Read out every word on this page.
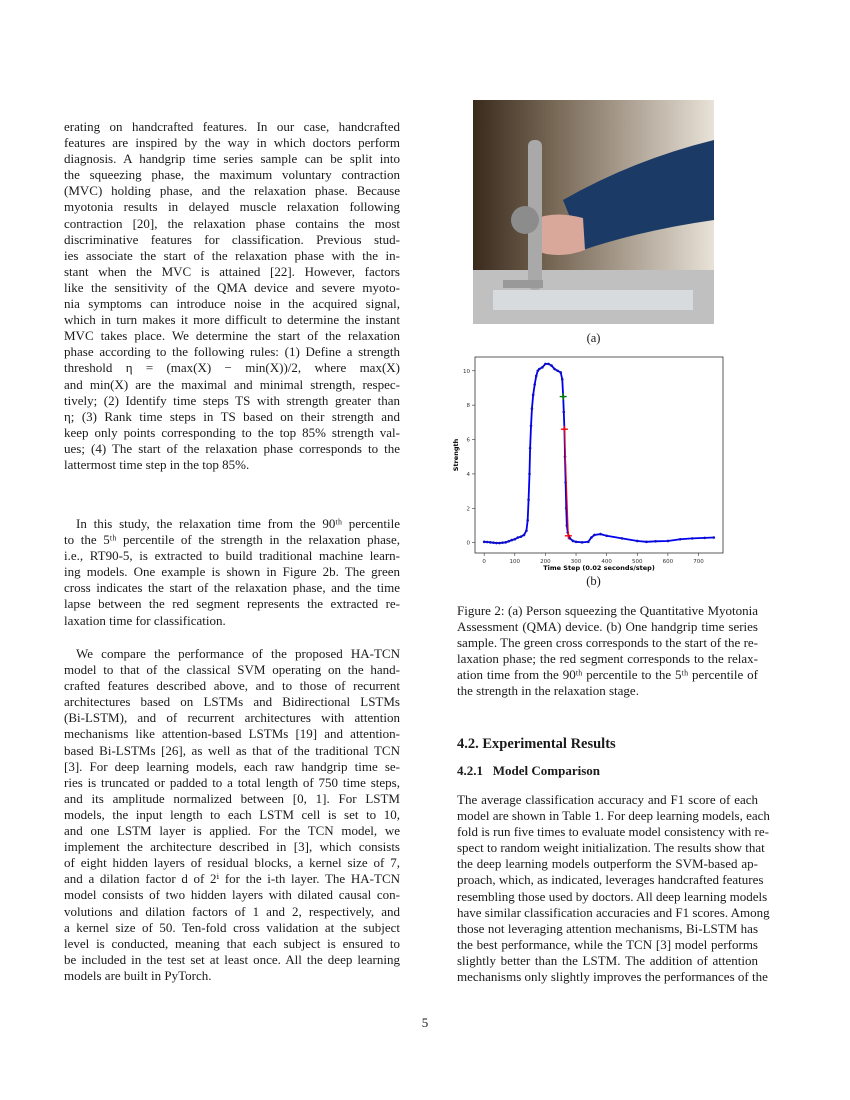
erating on handcrafted features. In our case, handcrafted
features are inspired by the way in which doctors perform
diagnosis. A handgrip time series sample can be split into
the squeezing phase, the maximum voluntary contraction
(MVC) holding phase, and the relaxation phase. Because
myotonia results in delayed muscle relaxation following
contraction [20], the relaxation phase contains the most
discriminative features for classification. Previous stud-
ies associate the start of the relaxation phase with the in-
stant when the MVC is attained [22]. However, factors
like the sensitivity of the QMA device and severe myoto-
nia symptoms can introduce noise in the acquired signal,
which in turn makes it more difficult to determine the instant
MVC takes place. We determine the start of the relaxation
phase according to the following rules: (1) Define a strength
threshold η = (max(X) − min(X))/2, where max(X)
and min(X) are the maximal and minimal strength, respec-
tively; (2) Identify time steps TS with strength greater than
η; (3) Rank time steps in TS based on their strength and
keep only points corresponding to the top 85% strength val-
ues; (4) The start of the relaxation phase corresponds to the
lattermost time step in the top 85%.
In this study, the relaxation time from the 90ᵗʰ percentile
to the 5ᵗʰ percentile of the strength in the relaxation phase,
i.e., RT90-5, is extracted to build traditional machine learn-
ing models. One example is shown in Figure 2b. The green
cross indicates the start of the relaxation phase, and the time
lapse between the red segment represents the extracted re-
laxation time for classification.
We compare the performance of the proposed HA-TCN
model to that of the classical SVM operating on the hand-
crafted features described above, and to those of recurrent
architectures based on LSTMs and Bidirectional LSTMs
(Bi-LSTM), and of recurrent architectures with attention
mechanisms like attention-based LSTMs [19] and attention-
based Bi-LSTMs [26], as well as that of the traditional TCN
[3]. For deep learning models, each raw handgrip time se-
ries is truncated or padded to a total length of 750 time steps,
and its amplitude normalized between [0, 1]. For LSTM
models, the input length to each LSTM cell is set to 10,
and one LSTM layer is applied. For the TCN model, we
implement the architecture described in [3], which consists
of eight hidden layers of residual blocks, a kernel size of 7,
and a dilation factor d of 2ⁱ for the i-th layer. The HA-TCN
model consists of two hidden layers with dilated causal con-
volutions and dilation factors of 1 and 2, respectively, and
a kernel size of 50. Ten-fold cross validation at the subject
level is conducted, meaning that each subject is ensured to
be included in the test set at least once. All the deep learning
models are built in PyTorch.
(a)
0	100	200	300	400	500	600	700
0
2
4
6
8
10
Time Step (0.02 seconds/step)
Strength
(b)
Figure 2: (a) Person squeezing the Quantitative Myotonia
Assessment (QMA) device. (b) One handgrip time series
sample. The green cross corresponds to the start of the re-
laxation phase; the red segment corresponds to the relax-
ation time from the 90ᵗʰ percentile to the 5ᵗʰ percentile of
the strength in the relaxation stage.
4.2. Experimental Results
4.2.1   Model Comparison
The average classification accuracy and F1 score of each
model are shown in Table 1. For deep learning models, each
fold is run five times to evaluate model consistency with re-
spect to random weight initialization. The results show that
the deep learning models outperform the SVM-based ap-
proach, which, as indicated, leverages handcrafted features
resembling those used by doctors. All deep learning models
have similar classification accuracies and F1 scores. Among
those not leveraging attention mechanisms, Bi-LSTM has
the best performance, while the TCN [3] model performs
slightly better than the LSTM. The addition of attention
mechanisms only slightly improves the performances of the
5
